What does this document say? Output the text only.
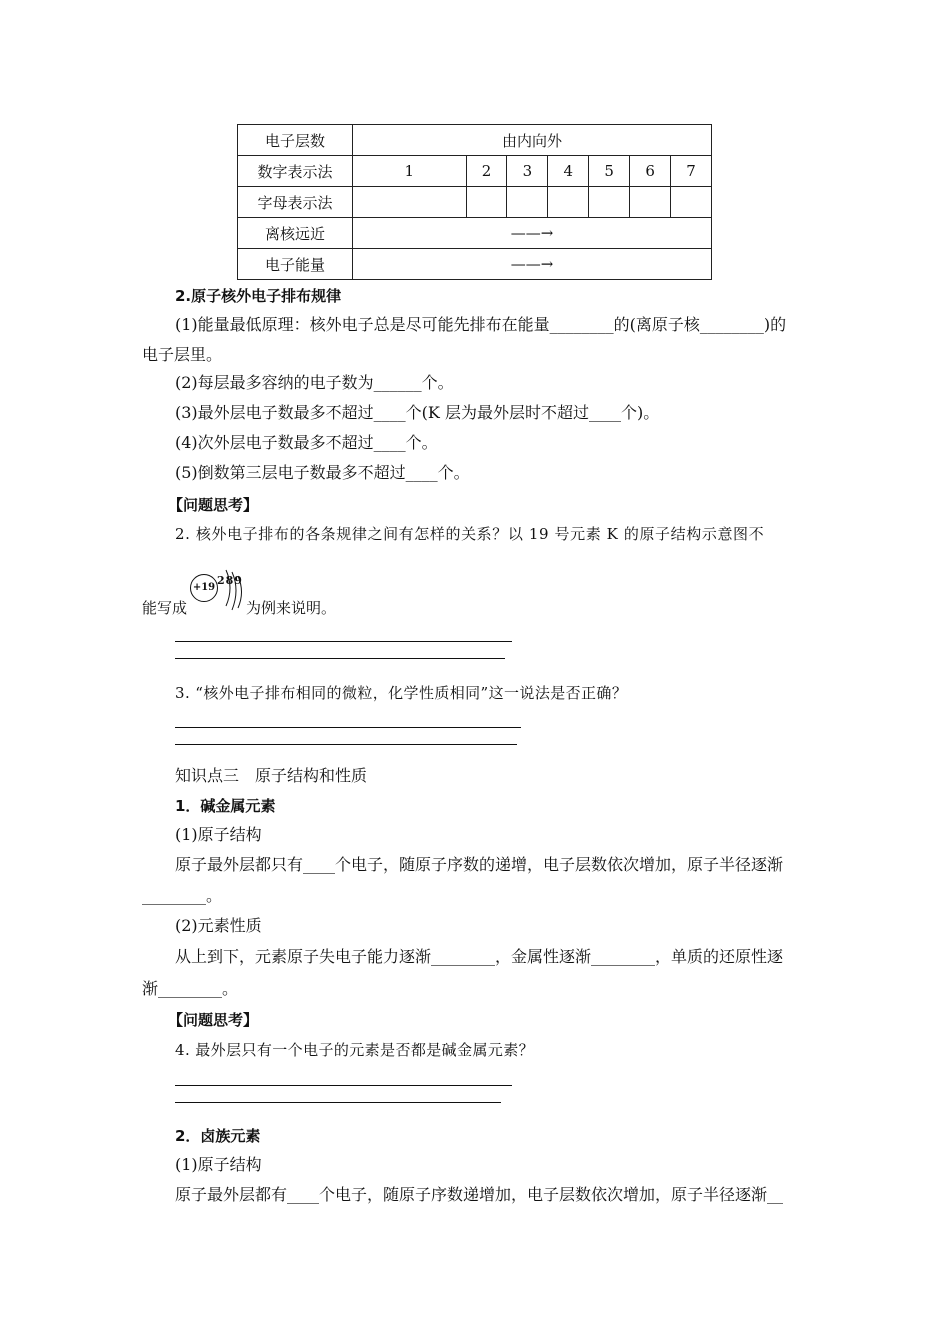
电子层数	由内向外						
数字表示法	1	2	3	4	5	6	7
字母表示法							
离核远近	——→						
电子能量	——→						
2.原子核外电子排布规律
(1)能量最低原理：核外电子总是尽可能先排布在能量________的(离原子核________)的
电子层里。
(2)每层最多容纳的电子数为______个。
(3)最外层电子数最多不超过____个(K 层为最外层时不超过____个)。
(4)次外层电子数最多不超过____个。
(5)倒数第三层电子数最多不超过____个。
【问题思考】
2. 核外电子排布的各条规律之间有怎样的关系？以 19 号元素 K 的原子结构示意图不
能写成
+19
289
为例来说明。
3. “核外电子排布相同的微粒，化学性质相同”这一说法是否正确？
知识点三　原子结构和性质
1．碱金属元素
(1)原子结构
原子最外层都只有____个电子，随原子序数的递增，电子层数依次增加，原子半径逐渐
________。
(2)元素性质
从上到下，元素原子失电子能力逐渐________，金属性逐渐________，单质的还原性逐
渐________。
【问题思考】
4. 最外层只有一个电子的元素是否都是碱金属元素？
2．卤族元素
(1)原子结构
原子最外层都有____个电子，随原子序数递增加，电子层数依次增加，原子半径逐渐__
